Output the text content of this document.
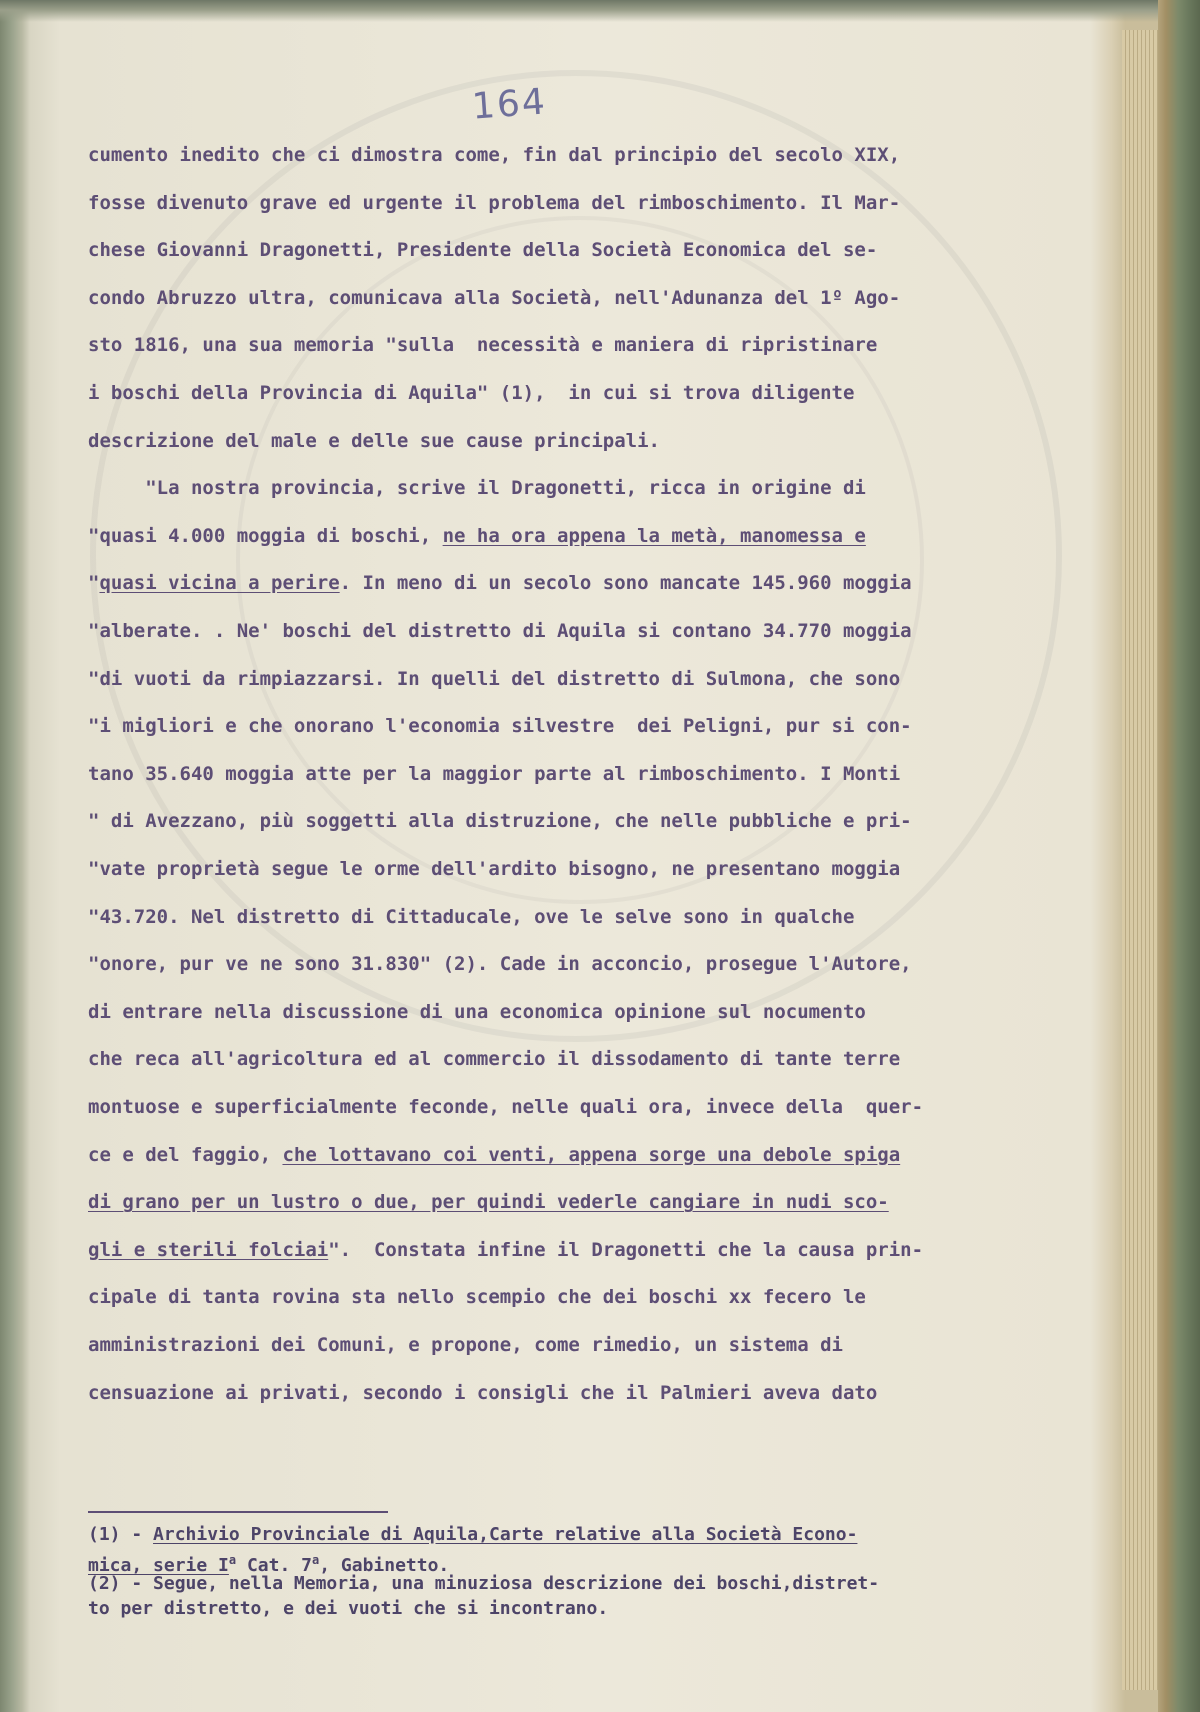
164
cumento inedito che ci dimostra come, fin dal principio del secolo XIX,
fosse divenuto grave ed urgente il problema del rimboschimento. Il Mar-
chese Giovanni Dragonetti, Presidente della Società Economica del se-
condo Abruzzo ultra, comunicava alla Società, nell'Adunanza del 1º Ago-
sto 1816, una sua memoria "sulla  necessità e maniera di ripristinare
i boschi della Provincia di Aquila" (1),  in cui si trova diligente
descrizione del male e delle sue cause principali.
"La nostra provincia, scrive il Dragonetti, ricca in origine di
"quasi 4.000 moggia di boschi, ne ha ora appena la metà, manomessa e
"quasi vicina a perire. In meno di un secolo sono mancate 145.960 moggia
"alberate. . Ne' boschi del distretto di Aquila si contano 34.770 moggia
"di vuoti da rimpiazzarsi. In quelli del distretto di Sulmona, che sono
"i migliori e che onorano l'economia silvestre  dei Peligni, pur si con-
tano 35.640 moggia atte per la maggior parte al rimboschimento. I Monti
" di Avezzano, più soggetti alla distruzione, che nelle pubbliche e pri-
"vate proprietà segue le orme dell'ardito bisogno, ne presentano moggia
"43.720. Nel distretto di Cittaducale, ove le selve sono in qualche
"onore, pur ve ne sono 31.830" (2). Cade in acconcio, prosegue l'Autore,
di entrare nella discussione di una economica opinione sul nocumento
che reca all'agricoltura ed al commercio il dissodamento di tante terre
montuose e superficialmente feconde, nelle quali ora, invece della  quer-
ce e del faggio, che lottavano coi venti, appena sorge una debole spiga
di grano per un lustro o due, per quindi vederle cangiare in nudi sco-
gli e sterili folciai".  Constata infine il Dragonetti che la causa prin-
cipale di tanta rovina sta nello scempio che dei boschi xx fecero le
amministrazioni dei Comuni, e propone, come rimedio, un sistema di
censuazione ai privati, secondo i consigli che il Palmieri aveva dato
(1) - Archivio Provinciale di Aquila,Carte relative alla Società Econo-
mica, serie $I^a$ Cat. 7$^a$, Gabinetto.
(2) - Segue, nella Memoria, una minuziosa descrizione dei boschi,distret-
to per distretto, e dei vuoti che si incontrano.
